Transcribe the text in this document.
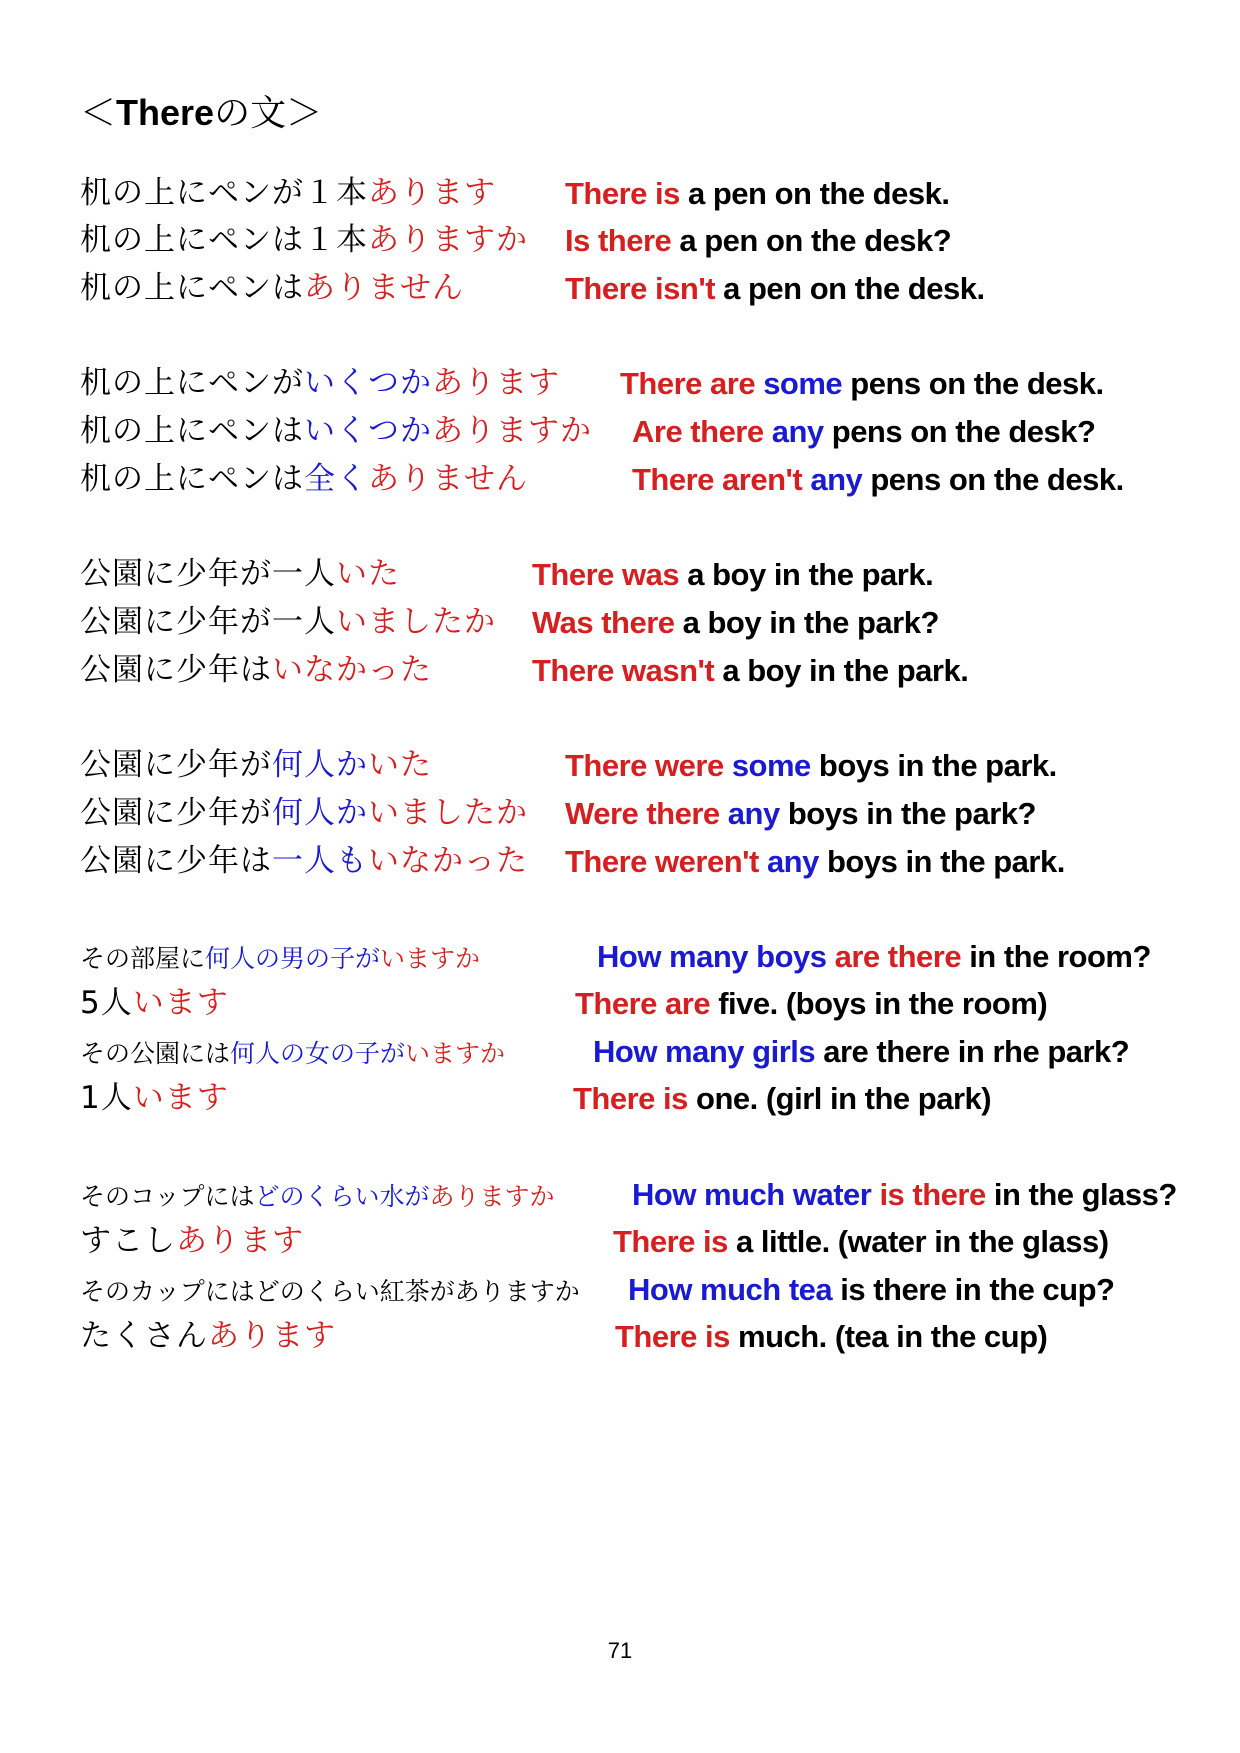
＜Thereの文＞
机の上にペンが１本あります There is a pen on the desk.
机の上にペンは１本ありますか Is there a pen on the desk?
机の上にペンはありません	There isn't a pen on the desk.
机の上にペンがいくつかあります There are some pens on the desk.
机の上にペンはいくつかありますか Are there any pens on the desk?
机の上にペンは全くありません	There aren't any pens on the desk.
公園に少年が一人いた	There was a boy in the park.
公園に少年が一人いましたか Was there a boy in the park?
公園に少年はいなかった	There wasn't a boy in the park.
公園に少年が何人かいた	There were some boys in the park.
公園に少年が何人かいましたか Were there any boys in the park?
公園に少年は一人もいなかった There weren't any boys in the park.
その部屋に何人の男の子がいますか	How many boys are there in the room?
5人います	There are five. (boys in the room)
その公園には何人の女の子がいますか	How many girls are there in rhe park?
1人います	There is one. (girl in the park)
そのコップにはどのくらい水がありますか How much water is there in the glass?
すこしあります	There is a little. (water in the glass)
そのカップにはどのくらい紅茶がありますか How much tea is there in the cup?
たくさんあります	There is much. (tea in the cup)
71
